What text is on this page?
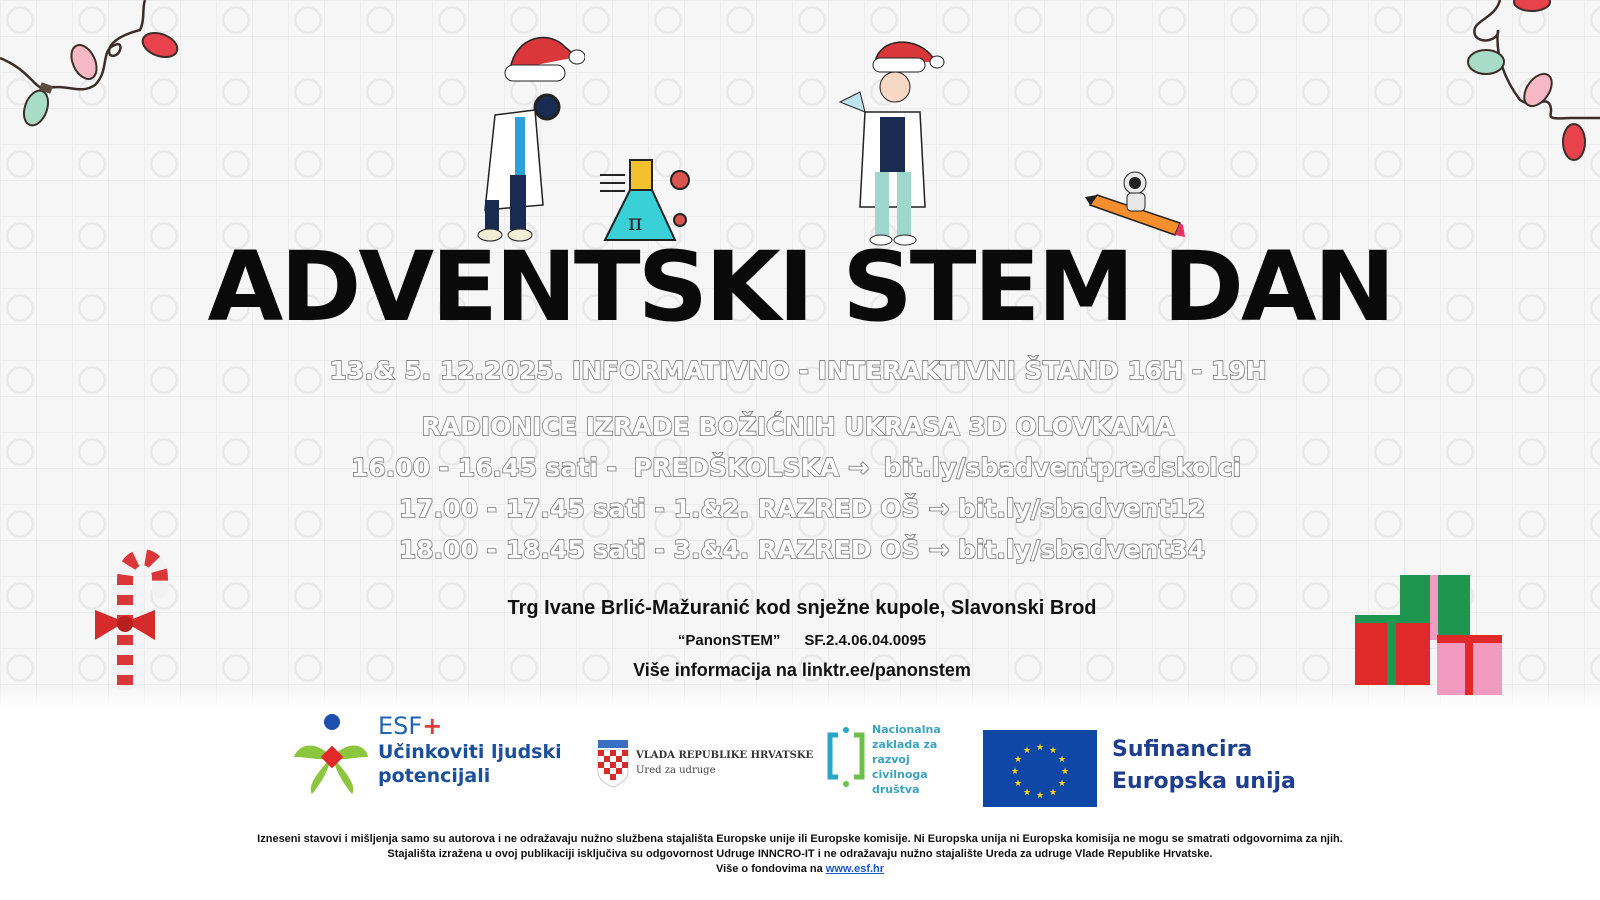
π
ADVENTSKI STEM DAN
13.& 5. 12.2025. INFORMATIVNO - INTERAKTIVNI ŠTAND 16H - 19H
RADIONICE IZRADE BOŽIĆNIH UKRASA 3D OLOVKAMA
16.00 - 16.45 sati - PREDŠKOLSKA → bit.ly/sbadventpredskolci
17.00 - 17.45 sati - 1.&2. RAZRED OŠ → bit.ly/sbadvent12
18.00 - 18.45 sati - 3.&4. RAZRED OŠ → bit.ly/sbadvent34
Trg Ivane Brlić-Mažuranić kod snježne kupole, Slavonski Brod
“PanonSTEM” SF.2.4.06.04.0095
Više informacija na linktr.ee/panonstem
ESF+
Učinkoviti ljudski
potencijali
VLADA REPUBLIKE HRVATSKE
Ured za udruge
Nacionalna
zaklada za
razvoj
civilnoga
društva
★ ★
★
★
★
★
★
★
★
★
★
★	Sufinancira
Europska unija
Izneseni stavovi i mišljenja samo su autorova i ne odražavaju nužno službena stajališta Europske unije ili Europske komisije. Ni Europska unija ni Europska komisija ne mogu se smatrati odgovornima za njih.
Stajališta izražena u ovoj publikaciji isključiva su odgovornost Udruge INNCRO-IT i ne odražavaju nužno stajalište Ureda za udruge Vlade Republike Hrvatske.
Više o fondovima na www.esf.hr
